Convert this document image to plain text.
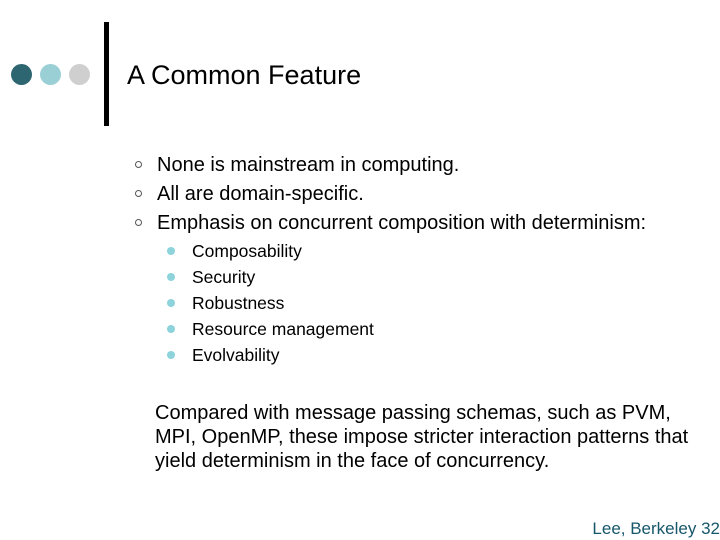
A Common Feature
None is mainstream in computing.
All are domain-specific.
Emphasis on concurrent composition with determinism:
Composability
Security
Robustness
Resource management
Evolvability

Compared with message passing schemas, such as PVM, MPI, OpenMP, these impose stricter interaction patterns that yield determinism in the face of concurrency.

Lee, Berkeley 32
